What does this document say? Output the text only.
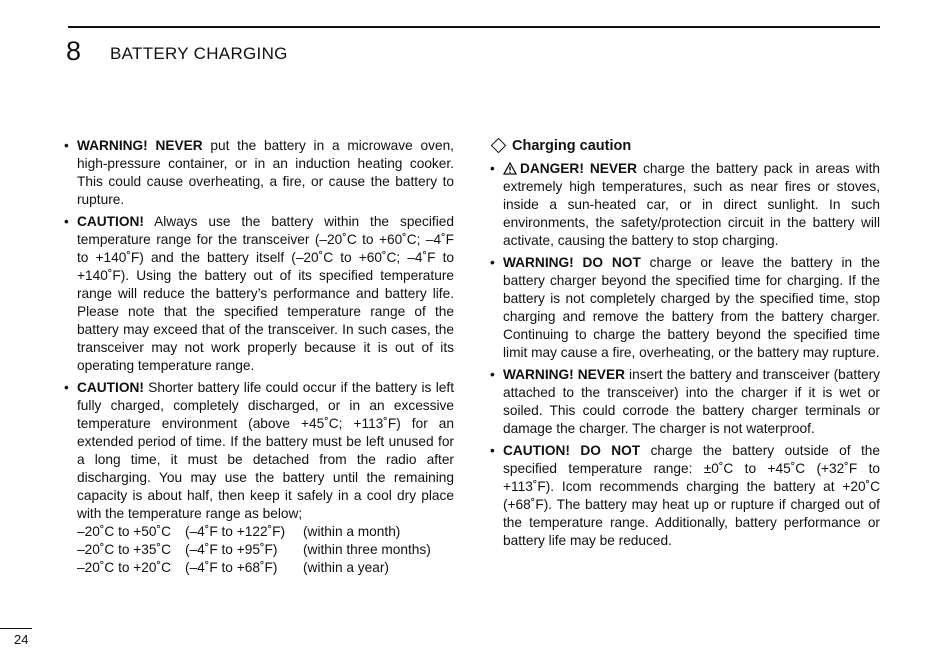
8 BATTERY CHARGING
• WARNING! NEVER put the battery in a microwave oven, high-pressure container, or in an induction heating cooker. This could cause overheating, a fire, or cause the battery to rupture.
• CAUTION! Always use the battery within the specified temperature range for the transceiver (–20˚C to +60˚C; –4˚F to +140˚F) and the battery itself (–20˚C to +60˚C; –4˚F to +140˚F). Using the battery out of its specified temperature range will reduce the battery’s performance and battery life. Please note that the specified temperature range of the battery may exceed that of the transceiver. In such cases, the transceiver may not work properly because it is out of its operating temperature range.
• CAUTION! Shorter battery life could occur if the battery is left fully charged, completely discharged, or in an excessive temperature environment (above +45˚C; +113˚F) for an extended period of time. If the battery must be left unused for a long time, it must be detached from the radio after discharging. You may use the battery until the remaining capacity is about half, then keep it safely in a cool dry place with the temperature range as below;
–20˚C to +50˚C	(–4˚F to +122˚F)	(within a month)
–20˚C to +35˚C	(–4˚F to +95˚F)	(within three months)
–20˚C to +20˚C	(–4˚F to +68˚F)	(within a year)
Charging caution
• DANGER! NEVER charge the battery pack in areas with extremely high temperatures, such as near fires or stoves, inside a sun-heated car, or in direct sunlight. In such environments, the safety/protection circuit in the battery will activate, causing the battery to stop charging.
• WARNING! DO NOT charge or leave the battery in the battery charger beyond the specified time for charging. If the battery is not completely charged by the specified time, stop charging and remove the battery from the battery charger. Continuing to charge the battery beyond the specified time limit may cause a fire, overheating, or the battery may rupture.
• WARNING! NEVER insert the battery and transceiver (battery attached to the transceiver) into the charger if it is wet or soiled. This could corrode the battery charger terminals or damage the charger. The charger is not waterproof.
• CAUTION! DO NOT charge the battery outside of the specified temperature range: ±0˚C to +45˚C (+32˚F to +113˚F). Icom recommends charging the battery at +20˚C (+68˚F). The battery may heat up or rupture if charged out of the temperature range. Additionally, battery performance or battery life may be reduced.
24
